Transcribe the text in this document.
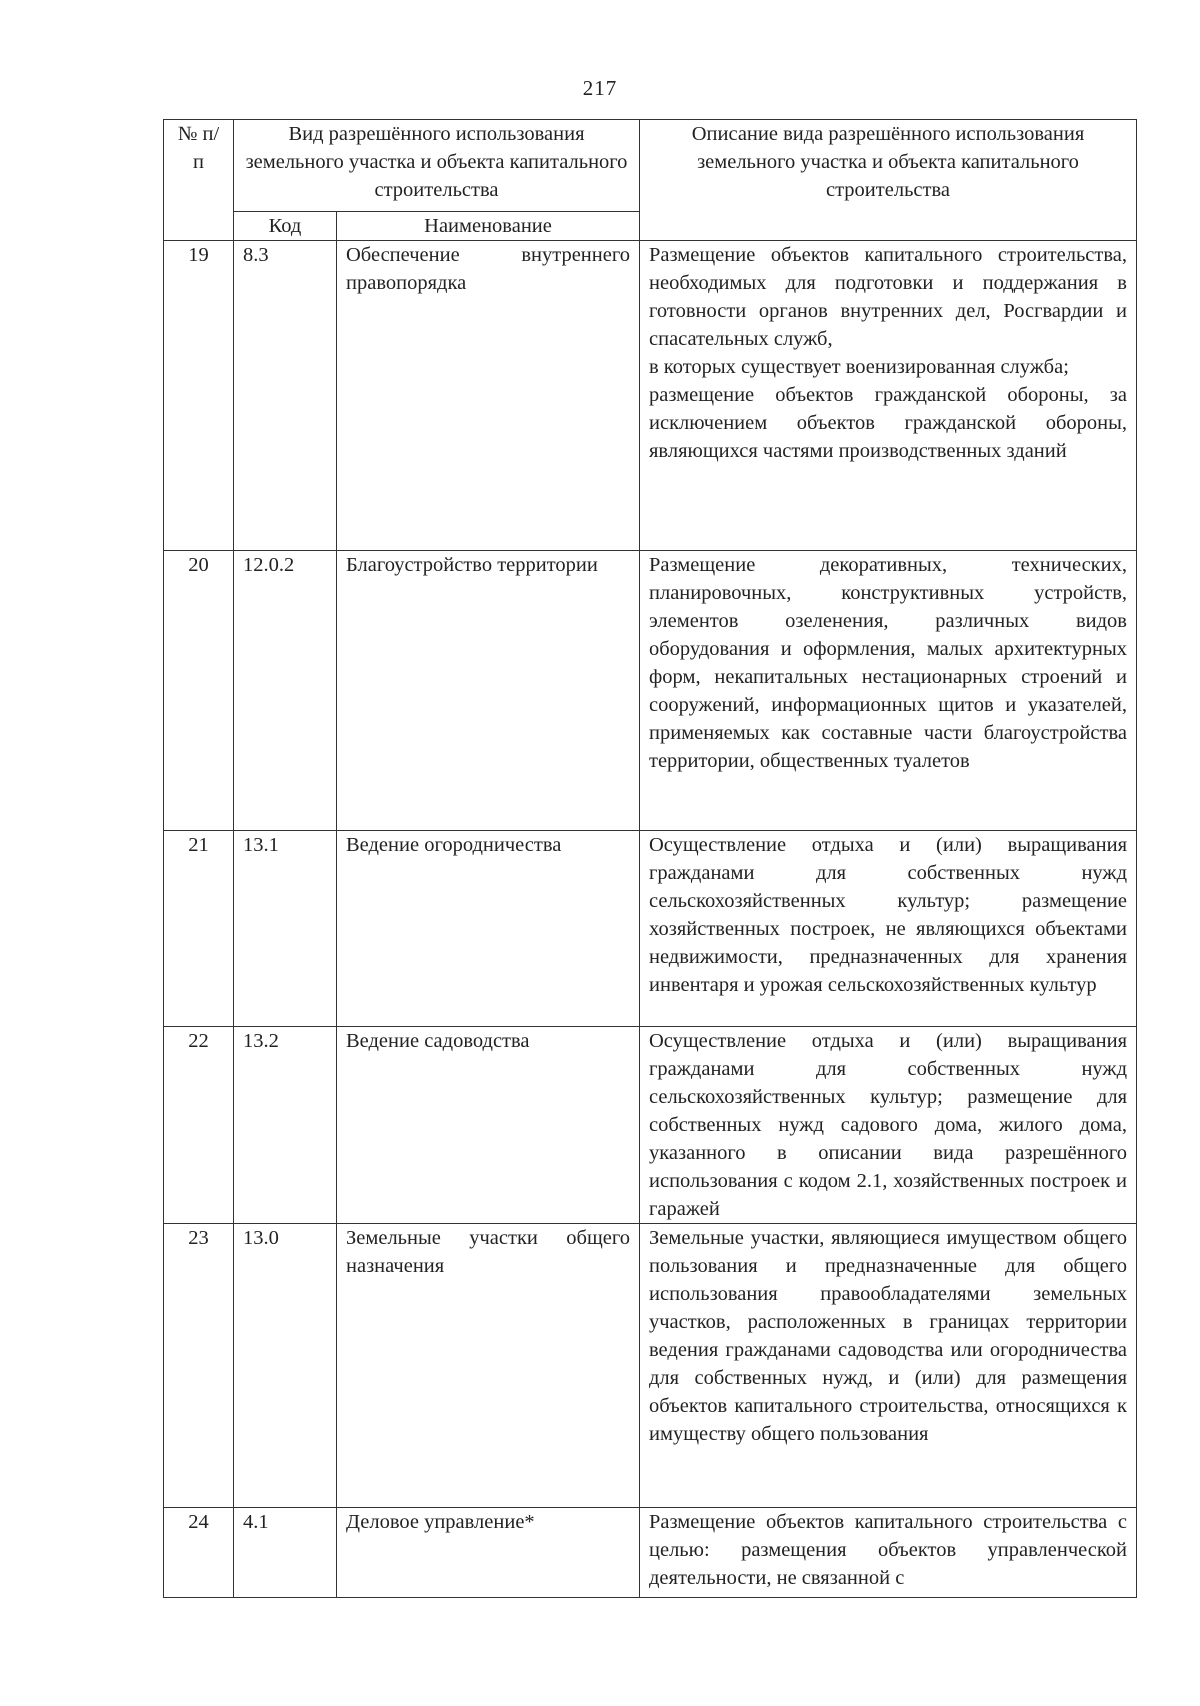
217
№ п/п	Вид разрешённого использования земельного участка и объекта капитального строительства		Описание вида разрешённого использования земельного участка и объекта капитального строительства
	Код	Наименование	
19	8.3	Обеспечение внутреннего правопорядка	Размещение объектов капитального строительства, необходимых для подготовки и поддержания в готовности органов внутренних дел, Росгвардии и спасательных служб,
в которых существует военизированная служба;
размещение объектов гражданской обороны, за исключением объектов гражданской обороны, являющихся частями производственных зданий

20	12.0.2	Благоустройство территории	Размещение декоративных, технических, планировочных, конструктивных устройств, элементов озеленения, различных видов оборудования и оформления, малых архитектурных форм, некапитальных нестационарных строений и сооружений, информационных щитов и указателей, применяемых как составные части благоустройства территории, общественных туалетов

21	13.1	Ведение огородничества	Осуществление отдыха и (или) выращивания гражданами для собственных нужд сельскохозяйственных культур; размещение хозяйственных построек, не являющихся объектами недвижимости, предназначенных для хранения инвентаря и урожая сельскохозяйственных культур

22	13.2	Ведение садоводства	Осуществление отдыха и (или) выращивания гражданами для собственных нужд сельскохозяйственных культур; размещение для собственных нужд садового дома, жилого дома, указанного в описании вида разрешённого использования с кодом 2.1, хозяйственных построек и гаражей

23	13.0	Земельные участки общего назначения	Земельные участки, являющиеся имуществом общего пользования и предназначенные для общего использования правообладателями земельных участков, расположенных в границах территории ведения гражданами садоводства или огородничества для собственных нужд, и (или) для размещения объектов капитального строительства, относящихся к имуществу общего пользования

24	4.1	Деловое управление*	Размещение объектов капитального строительства с целью: размещения объектов управленческой деятельности, не связанной с
